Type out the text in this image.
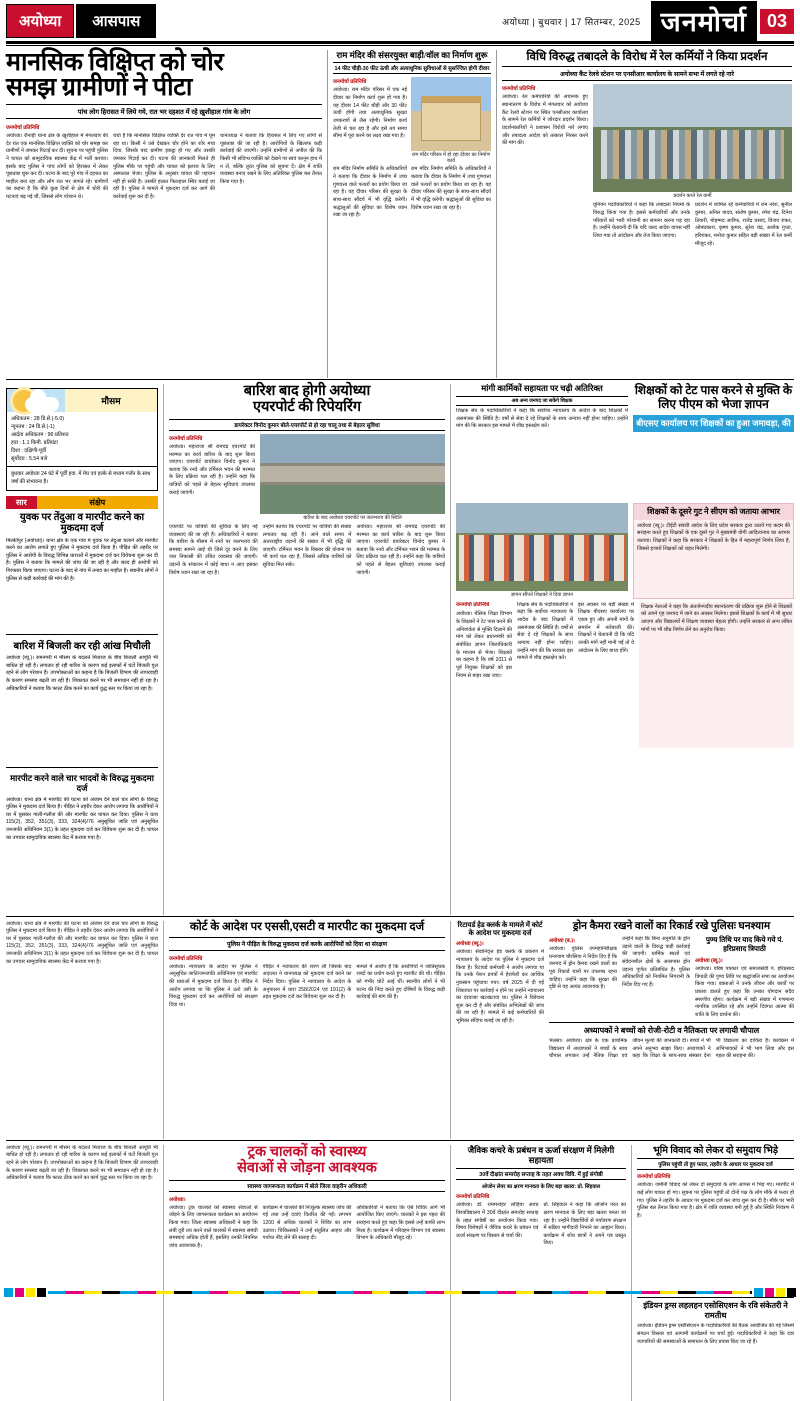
अयोध्या	आसपास	अयोध्या | बुधवार | 17 सितम्बर, 2025 जनमोर्चा	03
मानसिक विक्षिप्त को चोर
समझ ग्रामीणों ने पीटा
पांच लोग हिरासत में लिये गये, रात भर दहशत में रहे ख़ुशीहाल गांव के लोग
जनमोर्चा प्रतिनिधि
अयोध्या। रौनाही थाना क्षेत्र के ख़ुशीहाल में मंगलवार की देर रात एक मानसिक विक्षिप्त व्यक्ति को चोर समझ कर ग्रामीणों ने जमकर पिटाई कर दी। सूचना पर पहुंची पुलिस ने घायल को सामुदायिक स्वास्थ्य केंद्र में भर्ती कराया। इसके बाद पुलिस ने पांच लोगों को हिरासत में लेकर पूछताछ शुरू कर दी। घटना के बाद पूरे गांव में दहशत का माहौल बना रहा और लोग रात भर जागते रहे। ग्रामीणों का कहना है कि बीते कुछ दिनों से क्षेत्र में चोरी की घटनाएं बढ़ गई थीं, जिससे लोग परेशान थे।
चर्चा है कि मानसिक विक्षिप्त व्यक्ति देर रात गांव में घूम रहा था। किसी ने उसे देखकर चोर होने का शोर मचा दिया, जिसके बाद ग्रामीण इकट्ठा हो गए और उसकी जमकर पिटाई कर दी। घटना की जानकारी मिलते ही पुलिस मौके पर पहुंची और घायल को इलाज के लिए अस्पताल भेजा। पुलिस के अनुसार घायल की पहचान नहीं हो सकी है। उसकी हालत फिलहाल स्थिर बताई जा रही है। पुलिस ने मामले में मुकदमा दर्ज कर आगे की कार्रवाई शुरू कर दी है।
थानाध्यक्ष ने बताया कि हिरासत में लिए गए लोगों से पूछताछ की जा रही है। आरोपियों के खिलाफ कड़ी कार्रवाई की जाएगी। उन्होंने ग्रामीणों से अपील की कि किसी भी संदिग्ध व्यक्ति को देखने पर स्वयं कानून हाथ में न लें, बल्कि तुरंत पुलिस को सूचना दें। क्षेत्र में शांति व्यवस्था बनाए रखने के लिए अतिरिक्त पुलिस बल तैनात किया गया है।
राम मंदिर की संसरयुक्त बाड़ी/वॉल का निर्माण शुरू
14 फीट चौड़ी-30 फीट ऊंची और अत्याधुनिक सुविधाओं से सुसज्जित होगी दीवार
जनमोर्चा प्रतिनिधि
अयोध्या। राम मंदिर परिसर में एक नई दीवार का निर्माण कार्य शुरू हो गया है। यह दीवार 14 फीट चौड़ी और 30 फीट ऊंची होगी तथा अत्याधुनिक सुरक्षा उपकरणों से लैस रहेगी। निर्माण कार्य तेजी से चल रहा है और इसे तय समय सीमा में पूरा करने का लक्ष्य रखा गया है।
राम मंदिर परिसर में हो रहा दीवार का निर्माण कार्य
राम मंदिर निर्माण समिति के अधिकारियों ने बताया कि दीवार के निर्माण में उच्च गुणवत्ता वाले पत्थरों का प्रयोग किया जा रहा है। यह दीवार परिसर की सुरक्षा के साथ-साथ सौंदर्य में भी वृद्धि करेगी। श्रद्धालुओं की सुविधा का विशेष ध्यान रखा जा रहा है।
राम मंदिर निर्माण समिति के अधिकारियों ने बताया कि दीवार के निर्माण में उच्च गुणवत्ता वाले पत्थरों का प्रयोग किया जा रहा है। यह दीवार परिसर की सुरक्षा के साथ-साथ सौंदर्य में भी वृद्धि करेगी। श्रद्धालुओं की सुविधा का विशेष ध्यान रखा जा रहा है।
विधि विरुद्ध तबादले के विरोध में रेल कर्मियों ने किया प्रदर्शन
अयोध्या कैंट रेलवे स्टेशन पर एनसीआर कार्यालय के सामने सभा में लगते रहे नारे
जनमोर्चा प्रतिनिधि
अयोध्या। रेल कर्मचारियों की अचानक हुए स्थानांतरण के विरोध में मंगलवार को अयोध्या कैंट रेलवे स्टेशन पर स्थित एनसीआर कार्यालय के सामने रेल कर्मियों ने जोरदार प्रदर्शन किया। प्रदर्शनकारियों ने प्रशासन विरोधी नारे लगाए और तबादला आदेश को तत्काल निरस्त करने की मांग की।
प्रदर्शन करते रेल कर्मी
यूनियन पदाधिकारियों ने कहा कि तबादला नियमों के विरुद्ध किया गया है। इससे कर्मचारियों और उनके परिवारों को भारी परेशानी का सामना करना पड़ रहा है। उन्होंने चेतावनी दी कि यदि जल्द आदेश वापस नहीं लिया गया तो आंदोलन और तेज किया जाएगा।
प्रदर्शन में शामिल रहे कर्मचारियों में राम नरेश, सुनील कुमार, अनिल यादव, संतोष कुमार, रमेश चंद्र, दिनेश तिवारी, मोहम्मद आरिफ, राजेंद्र प्रसाद, विजय शंकर, ओमप्रकाश, कृष्ण कुमार, सुरेश चंद्र, अशोक गुप्ता, हरिशंकर, मनोज कुमार सहित बड़ी संख्या में रेल कर्मी मौजूद रहे।
मौसम
अधिकतम : 28 डि.से.(-5.0)
न्यूनतम : 24 डि.से.(-1)
आर्द्रता अधिकतम : 96 प्रतिशत
हवा : 1.1 किमी. प्रतिघंटा
दिशा : दक्षिणी-पूर्वी
सूर्योदय : 5.54 बजे
बुधवार अयोध्या 24 घंटे में पूर्वी हवा. में मेघ एवं हल्के से मध्यम गर्जन के साथ वर्षा की संभावना है।
सार	संक्षेप
युवक पर तेंदुआ व मारपीट करने का मुकदमा दर्ज
मिल्कीपुर (अयोध्या)। थाना क्षेत्र के एक गांव में युवक पर तेंदुआ चलाने और मारपीट करने का आरोप लगाते हुए पुलिस ने मुकदमा दर्ज किया है। पीड़ित की तहरीर पर पुलिस ने आरोपी के विरुद्ध विभिन्न धाराओं में मुकदमा दर्ज कर विवेचना शुरू कर दी है। पुलिस ने बताया कि मामले की जांच की जा रही है और जल्द ही आरोपी को गिरफ्तार किया जाएगा। घटना के बाद से गांव में तनाव का माहौल है। स्थानीय लोगों ने पुलिस से कड़ी कार्रवाई की मांग की है।
बारिश में बिजली कर रही आंख मिचौली
अयोध्या (ब्यू.)। रामनगरी में मौसम के बदलते मिजाज के बीच बिजली आपूर्ति भी बाधित हो रही है। लगातार हो रही बारिश के कारण कई इलाकों में घंटों बिजली गुल रहने से लोग परेशान हैं। उपभोक्ताओं का कहना है कि बिजली विभाग की लापरवाही के कारण समस्या बढ़ती जा रही है। शिकायत करने पर भी समाधान नहीं हो रहा है। अधिकारियों ने बताया कि फाल्ट ठीक करने का कार्य युद्ध स्तर पर किया जा रहा है।
मारपीट करने वाले चार भादवों के विरुद्ध मुकदमा दर्ज
अयोध्या। थाना क्षेत्र में मारपीट की घटना को अंजाम देने वाले चार लोगों के विरुद्ध पुलिस ने मुकदमा दर्ज किया है। पीड़ित ने तहरीर देकर आरोप लगाया कि आरोपियों ने घर में घुसकर गाली-गलौज की और मारपीट कर घायल कर दिया। पुलिस ने धारा 115(2), 352, 351(3), 333, 324(4)/76 अनुसूचित जाति एवं अनुसूचित जनजाति अधिनियम 3(1) के तहत मुकदमा दर्ज कर विवेचना शुरू कर दी है। घायल का उपचार सामुदायिक स्वास्थ्य केंद्र में कराया गया है।
बारिश बाद होगी अयोध्या
एयरपोर्ट की रिपेयरिंग
डायरेक्टर विनोद कुमार बोले-एयरपोर्ट से हो रहा चालू तथा से बेहतर सुविधा
जनमोर्चा प्रतिनिधि
अयोध्या। महाराजा श्री रामचंद्र एयरपोर्ट की मरम्मत का कार्य बारिश के बाद शुरू किया जाएगा। एयरपोर्ट डायरेक्टर विनोद कुमार ने बताया कि रनवे और टर्मिनल भवन की मरम्मत के लिए प्रक्रिया चल रही है। उन्होंने कहा कि यात्रियों को पहले से बेहतर सुविधाएं उपलब्ध कराई जाएंगी।
बारिश के बाद अयोध्या एयरपोर्ट पर जलभराव की स्थिति
एयरपोर्ट पर यात्रियों की सुविधा के लिए नई व्यवस्थाएं की जा रही हैं। अधिकारियों ने बताया कि बारिश के मौसम में रनवे पर जलभराव की समस्या सामने आई थी जिसे दूर करने के लिए जल निकासी की उचित व्यवस्था की जाएगी। उड़ानों के संचालन में कोई बाधा न आए इसका विशेष ध्यान रखा जा रहा है।
उन्होंने बताया कि एयरपोर्ट पर यात्रियों की संख्या लगातार बढ़ रही है। आने वाले समय में अंतरराष्ट्रीय उड़ानों की संख्या में भी वृद्धि की जाएगी। टर्मिनल भवन के विस्तार की योजना पर भी कार्य चल रहा है, जिससे अधिक यात्रियों को सुविधा मिल सके।
अयोध्या। महाराजा श्री रामचंद्र एयरपोर्ट की मरम्मत का कार्य बारिश के बाद शुरू किया जाएगा। एयरपोर्ट डायरेक्टर विनोद कुमार ने बताया कि रनवे और टर्मिनल भवन की मरम्मत के लिए प्रक्रिया चल रही है। उन्होंने कहा कि यात्रियों को पहले से बेहतर सुविधाएं उपलब्ध कराई जाएंगी।
मांगी कार्मिकों सहायता पर चढ़ी अतिरिक्त
अब अन्य जनपद जा सकेंगे शिक्षक
शिक्षक संघ के पदाधिकारियों ने कहा कि सर्वोच्च न्यायालय के आदेश के बाद शिक्षकों में असमंजस की स्थिति है। वर्षों से सेवा दे रहे शिक्षकों के साथ अन्याय नहीं होना चाहिए। उन्होंने मांग की कि सरकार इस मामले में शीघ्र हस्तक्षेप करे।
शिक्षकों को टेट पास करने से मुक्ति के लिए पीएम को भेजा ज्ञापन
बीएसए कार्यालय पर शिक्षकों का हुआ जमावड़ा, की
ज्ञापन सौंपते शिक्षकों ने दिया ज्ञापन
शिक्षकों के दूसरे गुट ने सीएम को जताया आभार
अयोध्या (ब्यू.)। टीईटी संबंधी आदेश के लिए प्रदेश सरकार द्वारा उठाये गए कदम की सराहना करते हुए शिक्षकों के एक दूसरे गुट ने मुख्यमंत्री योगी आदित्यनाथ का आभार जताया। शिक्षकों ने कहा कि सरकार ने शिक्षकों के हित में महत्वपूर्ण निर्णय लिया है, जिससे हजारों शिक्षकों को राहत मिलेगी।
जनमोर्चा प्रतिनिधि
अयोध्या। बेसिक शिक्षा विभाग के शिक्षकों ने टेट पास करने की अनिवार्यता से मुक्ति दिलाने की मांग को लेकर प्रधानमंत्री को संबोधित ज्ञापन जिलाधिकारी के माध्यम से भेजा। शिक्षकों का कहना है कि वर्ष 2011 से पूर्व नियुक्त शिक्षकों को इस नियम से बाहर रखा जाए।
शिक्षक संघ के पदाधिकारियों ने कहा कि सर्वोच्च न्यायालय के आदेश के बाद शिक्षकों में असमंजस की स्थिति है। वर्षों से सेवा दे रहे शिक्षकों के साथ अन्याय नहीं होना चाहिए। उन्होंने मांग की कि सरकार इस मामले में शीघ्र हस्तक्षेप करे।
इस अवसर पर बड़ी संख्या में शिक्षक बीएसए कार्यालय पर एकत्र हुए और अपनी मांगों के समर्थन में नारेबाजी की। शिक्षकों ने चेतावनी दी कि यदि उनकी मांगें नहीं मानी गईं तो वे आंदोलन के लिए बाध्य होंगे।
शिक्षक नेताओं ने कहा कि अंतर्जनपदीय स्थानांतरण की प्रक्रिया शुरू होने से शिक्षकों को अपने गृह जनपद में जाने का अवसर मिलेगा। इससे शिक्षकों के कार्य में भी सुधार आएगा और विद्यालयों में शिक्षण व्यवस्था बेहतर होगी। उन्होंने सरकार से अन्य लंबित मांगों पर भी शीघ्र निर्णय लेने का अनुरोध किया।
अयोध्या। थाना क्षेत्र में मारपीट की घटना को अंजाम देने वाले चार लोगों के विरुद्ध पुलिस ने मुकदमा दर्ज किया है। पीड़ित ने तहरीर देकर आरोप लगाया कि आरोपियों ने घर में घुसकर गाली-गलौज की और मारपीट कर घायल कर दिया। पुलिस ने धारा 115(2), 352, 351(3), 333, 324(4)/76 अनुसूचित जाति एवं अनुसूचित जनजाति अधिनियम 3(1) के तहत मुकदमा दर्ज कर विवेचना शुरू कर दी है। घायल का उपचार सामुदायिक स्वास्थ्य केंद्र में कराया गया है।
कोर्ट के आदेश पर एससी,एसटी व मारपीट का मुकदमा दर्ज
पुलिस ने पीड़ित के विरुद्ध मुकदमा दर्ज करके आरोपियों को दिया था संरक्षण
जनमोर्चा प्रतिनिधि
अयोध्या। न्यायालय के आदेश पर पुलिस ने अनुसूचित जाति/जनजाति अधिनियम एवं मारपीट की धाराओं में मुकदमा दर्ज किया है। पीड़ित ने आरोप लगाया था कि पुलिस ने उल्टे उसी के विरुद्ध मुकदमा दर्ज कर आरोपियों को संरक्षण दिया था।
पीड़ित ने न्यायालय की शरण ली जिसके बाद अदालत ने थानाध्यक्ष को मुकदमा दर्ज करने का निर्देश दिया। पुलिस ने न्यायालय के आदेश के अनुपालन में धारा 258/2024 एवं 191(2) के तहत मुकदमा दर्ज कर विवेचना शुरू कर दी है।
मामले में आरोप है कि आरोपियों ने जातिसूचक शब्दों का प्रयोग करते हुए मारपीट की थी। पीड़ित को गंभीर चोटें आई थीं। स्थानीय लोगों ने भी घटना की निंदा करते हुए दोषियों के विरुद्ध कड़ी कार्रवाई की मांग की है।
रिटायर्ड हेड क्लर्क के मामले में कोर्ट के आदेश पर मुकदमा दर्ज
अयोध्या (ब्यू.)।
अयोध्या। सेवानिवृत्त हेड क्लर्क के प्रकरण में न्यायालय के आदेश पर पुलिस ने मुकदमा दर्ज किया है। रिटायर्ड कर्मचारी ने आरोप लगाया था कि उनके पेंशन प्रपत्रों में हेराफेरी कर आर्थिक नुकसान पहुंचाया गया। वर्ष 2025 में दी गई शिकायत पर कार्रवाई न होने पर उन्होंने न्यायालय का दरवाजा खटखटाया था। पुलिस ने विवेचना शुरू कर दी है और संबंधित अभिलेखों की जांच की जा रही है। मामले में कई कर्मचारियों की भूमिका संदिग्ध बताई जा रही है।
ड्रोन कैमरा रखने वालों का रिकार्ड रखे पुलिसः घनश्याम
अयोध्या (ब.)।
अयोध्या। पुलिस उपमहानिरीक्षक घनश्याम चौरसिया ने निर्देश दिए हैं कि जनपद में ड्रोन कैमरा रखने वालों का पूरा रिकार्ड थानों पर उपलब्ध रहना चाहिए। उन्होंने कहा कि सुरक्षा की दृष्टि से यह अत्यंत आवश्यक है।
उन्होंने कहा कि बिना अनुमति के ड्रोन उड़ाने वालों के विरुद्ध कड़ी कार्रवाई की जाएगी। धार्मिक स्थलों एवं संवेदनशील क्षेत्रों के आसपास ड्रोन उड़ाना पूर्णतः प्रतिबंधित है। पुलिस अधिकारियों को नियमित निगरानी के निर्देश दिए गए हैं।
पुण्य तिथि पर याद किये गये पं. हरिप्रसाद त्रिपाठी
अयोध्या (ब्यू.)।
अयोध्या। वरिष्ठ पत्रकार एवं समाजसेवी पं. हरिप्रसाद त्रिपाठी की पुण्य तिथि पर श्रद्धांजलि सभा का आयोजन किया गया। वक्ताओं ने उनके जीवन और कार्यों पर प्रकाश डालते हुए कहा कि उनका योगदान सदैव स्मरणीय रहेगा। कार्यक्रम में बड़ी संख्या में गणमान्य नागरिक उपस्थित रहे और उन्होंने दिवंगत आत्मा की शांति के लिए प्रार्थना की।
अध्यापकों ने बच्चों को रोजी-रोटी व नैतिकता पर लगायी चौपाल
भेलसा। अयोध्या। क्षेत्र के एक प्राथमिक विद्यालय में अध्यापकों ने बच्चों के साथ चौपाल लगाकर उन्हें नैतिक शिक्षा एवं जीवन मूल्यों की जानकारी दी। बच्चों ने भी अपने अनुभव साझा किए। अध्यापकों ने कहा कि शिक्षा के साथ-साथ संस्कार देना भी विद्यालय का दायित्व है। कार्यक्रम में अभिभावकों ने भी भाग लिया और इस पहल की सराहना की।
अयोध्या (ब्यू.)। रामनगरी में मौसम के बदलते मिजाज के बीच बिजली आपूर्ति भी बाधित हो रही है। लगातार हो रही बारिश के कारण कई इलाकों में घंटों बिजली गुल रहने से लोग परेशान हैं। उपभोक्ताओं का कहना है कि बिजली विभाग की लापरवाही के कारण समस्या बढ़ती जा रही है। शिकायत करने पर भी समाधान नहीं हो रहा है। अधिकारियों ने बताया कि फाल्ट ठीक करने का कार्य युद्ध स्तर पर किया जा रहा है।
ट्रक चालकों को स्वास्थ्य
सेवाओं से जोड़ना आवश्यक
स्वास्थ्य जागरूकता कार्यक्रम में बोले जिला वाहरीन अधिकारी
अयोध्या।
अयोध्या। ट्रक चालकों को स्वास्थ्य सेवाओं से जोड़ने के लिए जागरूकता कार्यक्रम का आयोजन किया गया। जिला स्वास्थ्य अधिकारी ने कहा कि लंबी दूरी तय करने वाले चालकों में स्वास्थ्य संबंधी समस्याएं अधिक होती हैं, इसलिए उनकी नियमित जांच आवश्यक है।
कार्यक्रम में चालकों की निःशुल्क स्वास्थ्य जांच की गई तथा उन्हें दवाएं वितरित की गईं। लगभग 1200 से अधिक चालकों ने शिविर का लाभ उठाया। चिकित्सकों ने उन्हें संतुलित आहार और पर्याप्त नींद लेने की सलाह दी।
अधिकारियों ने बताया कि ऐसे शिविर आगे भी आयोजित किए जाएंगे। चालकों ने इस पहल की सराहना करते हुए कहा कि इससे उन्हें काफी लाभ मिला है। कार्यक्रम में परिवहन विभाग एवं स्वास्थ्य विभाग के अधिकारी मौजूद रहे।
जैविक कचरे के प्रबंधन व ऊर्जा संरक्षण में मिलेगी सहायता
30वें दीक्षांत समारोह सप्ताह के तहत अवध विवि. में हुई संगोष्ठी
ओजोन लेयर का क्षरण मानवता के लिए बड़ा खतरा: प्रो. सिंहवाल
जनमोर्चा प्रतिनिधि
अयोध्या। डॉ. राममनोहर लोहिया अवध विश्वविद्यालय में 30वें दीक्षांत समारोह सप्ताह के तहत संगोष्ठी का आयोजन किया गया। विषय विशेषज्ञों ने जैविक कचरे के प्रबंधन एवं ऊर्जा संरक्षण पर विस्तार से चर्चा की।
प्रो. सिंहवाल ने कहा कि ओजोन परत का क्षरण मानवता के लिए बड़ा खतरा बनता जा रहा है। उन्होंने विद्यार्थियों से पर्यावरण संरक्षण में सक्रिय भागीदारी निभाने का आह्वान किया। कार्यक्रम में शोध छात्रों ने अपने पत्र प्रस्तुत किए।
भूमि विवाद को लेकर दो समुदाय भिड़े
पुलिस पहुंची तो हुए फरार, तहरीर के आधार पर मुकदमा दर्ज
जनमोर्चा प्रतिनिधि
अयोध्या। जमीनी विवाद को लेकर दो समुदायों के लोग आपस में भिड़ गए। मारपीट में कई लोग घायल हो गए। सूचना पर पुलिस पहुंची तो दोनों पक्ष के लोग मौके से फरार हो गए। पुलिस ने तहरीर के आधार पर मुकदमा दर्ज कर जांच शुरू कर दी है। मौके पर भारी पुलिस बल तैनात किया गया है। क्षेत्र में शांति व्यवस्था बनी हुई है और स्थिति नियंत्रण में है।
इंडियन ड्रग्स लहलहन एसोसिएशन के रवि संकेतरी ने रामतीथ
अयोध्या। इंडियन ड्रग्स एसोसिएशन के पदाधिकारियों की बैठक आयोजित की गई जिसमें संगठन विस्तार एवं आगामी कार्यक्रमों पर चर्चा हुई। पदाधिकारियों ने कहा कि दवा व्यापारियों की समस्याओं के समाधान के लिए प्रयास किए जा रहे हैं।
